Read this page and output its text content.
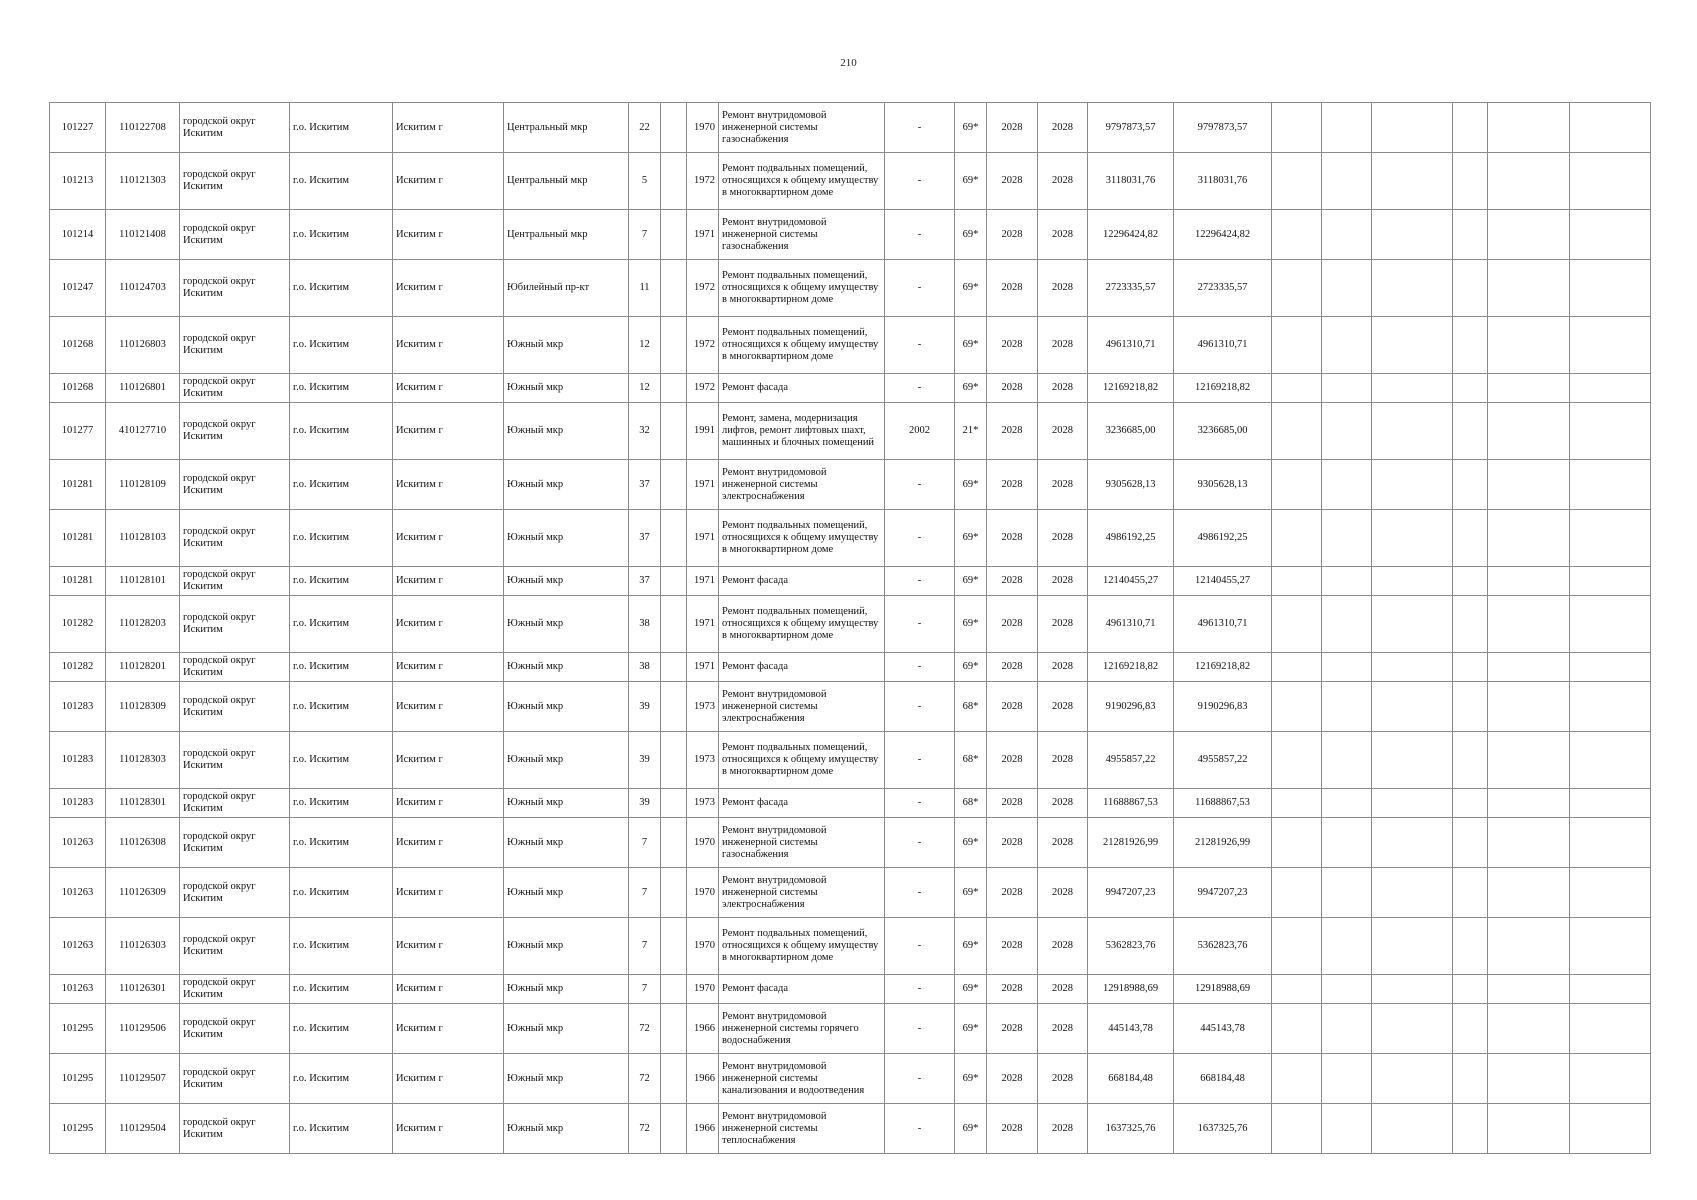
210
101227	110122708	городской округ Искитим	г.о. Искитим	Искитим г	Центральный мкр	22		1970	Ремонт внутридомовой инженерной системы газоснабжения	-	69*	2028	2028	9797873,57	9797873,57						
101213	110121303	городской округ Искитим	г.о. Искитим	Искитим г	Центральный мкр	5		1972	Ремонт подвальных помещений, относящихся к общему имуществу в многоквартирном доме	-	69*	2028	2028	3118031,76	3118031,76						
101214	110121408	городской округ Искитим	г.о. Искитим	Искитим г	Центральный мкр	7		1971	Ремонт внутридомовой инженерной системы газоснабжения	-	69*	2028	2028	12296424,82	12296424,82						
101247	110124703	городской округ Искитим	г.о. Искитим	Искитим г	Юбилейный пр-кт	11		1972	Ремонт подвальных помещений, относящихся к общему имуществу в многоквартирном доме	-	69*	2028	2028	2723335,57	2723335,57						
101268	110126803	городской округ Искитим	г.о. Искитим	Искитим г	Южный мкр	12		1972	Ремонт подвальных помещений, относящихся к общему имуществу в многоквартирном доме	-	69*	2028	2028	4961310,71	4961310,71						
101268	110126801	городской округ Искитим	г.о. Искитим	Искитим г	Южный мкр	12		1972	Ремонт фасада	-	69*	2028	2028	12169218,82	12169218,82						
101277	410127710	городской округ Искитим	г.о. Искитим	Искитим г	Южный мкр	32		1991	Ремонт, замена, модернизация лифтов, ремонт лифтовых шахт, машинных и блочных помещений	2002	21*	2028	2028	3236685,00	3236685,00						
101281	110128109	городской округ Искитим	г.о. Искитим	Искитим г	Южный мкр	37		1971	Ремонт внутридомовой инженерной системы электроснабжения	-	69*	2028	2028	9305628,13	9305628,13						
101281	110128103	городской округ Искитим	г.о. Искитим	Искитим г	Южный мкр	37		1971	Ремонт подвальных помещений, относящихся к общему имуществу в многоквартирном доме	-	69*	2028	2028	4986192,25	4986192,25						
101281	110128101	городской округ Искитим	г.о. Искитим	Искитим г	Южный мкр	37		1971	Ремонт фасада	-	69*	2028	2028	12140455,27	12140455,27						
101282	110128203	городской округ Искитим	г.о. Искитим	Искитим г	Южный мкр	38		1971	Ремонт подвальных помещений, относящихся к общему имуществу в многоквартирном доме	-	69*	2028	2028	4961310,71	4961310,71						
101282	110128201	городской округ Искитим	г.о. Искитим	Искитим г	Южный мкр	38		1971	Ремонт фасада	-	69*	2028	2028	12169218,82	12169218,82						
101283	110128309	городской округ Искитим	г.о. Искитим	Искитим г	Южный мкр	39		1973	Ремонт внутридомовой инженерной системы электроснабжения	-	68*	2028	2028	9190296,83	9190296,83						
101283	110128303	городской округ Искитим	г.о. Искитим	Искитим г	Южный мкр	39		1973	Ремонт подвальных помещений, относящихся к общему имуществу в многоквартирном доме	-	68*	2028	2028	4955857,22	4955857,22						
101283	110128301	городской округ Искитим	г.о. Искитим	Искитим г	Южный мкр	39		1973	Ремонт фасада	-	68*	2028	2028	11688867,53	11688867,53						
101263	110126308	городской округ Искитим	г.о. Искитим	Искитим г	Южный мкр	7		1970	Ремонт внутридомовой инженерной системы газоснабжения	-	69*	2028	2028	21281926,99	21281926,99						
101263	110126309	городской округ Искитим	г.о. Искитим	Искитим г	Южный мкр	7		1970	Ремонт внутридомовой инженерной системы электроснабжения	-	69*	2028	2028	9947207,23	9947207,23						
101263	110126303	городской округ Искитим	г.о. Искитим	Искитим г	Южный мкр	7		1970	Ремонт подвальных помещений, относящихся к общему имуществу в многоквартирном доме	-	69*	2028	2028	5362823,76	5362823,76						
101263	110126301	городской округ Искитим	г.о. Искитим	Искитим г	Южный мкр	7		1970	Ремонт фасада	-	69*	2028	2028	12918988,69	12918988,69						
101295	110129506	городской округ Искитим	г.о. Искитим	Искитим г	Южный мкр	72		1966	Ремонт внутридомовой инженерной системы горячего водоснабжения	-	69*	2028	2028	445143,78	445143,78						
101295	110129507	городской округ Искитим	г.о. Искитим	Искитим г	Южный мкр	72		1966	Ремонт внутридомовой инженерной системы канализования и водоотведения	-	69*	2028	2028	668184,48	668184,48						
101295	110129504	городской округ Искитим	г.о. Искитим	Искитим г	Южный мкр	72		1966	Ремонт внутридомовой инженерной системы теплоснабжения	-	69*	2028	2028	1637325,76	1637325,76						
